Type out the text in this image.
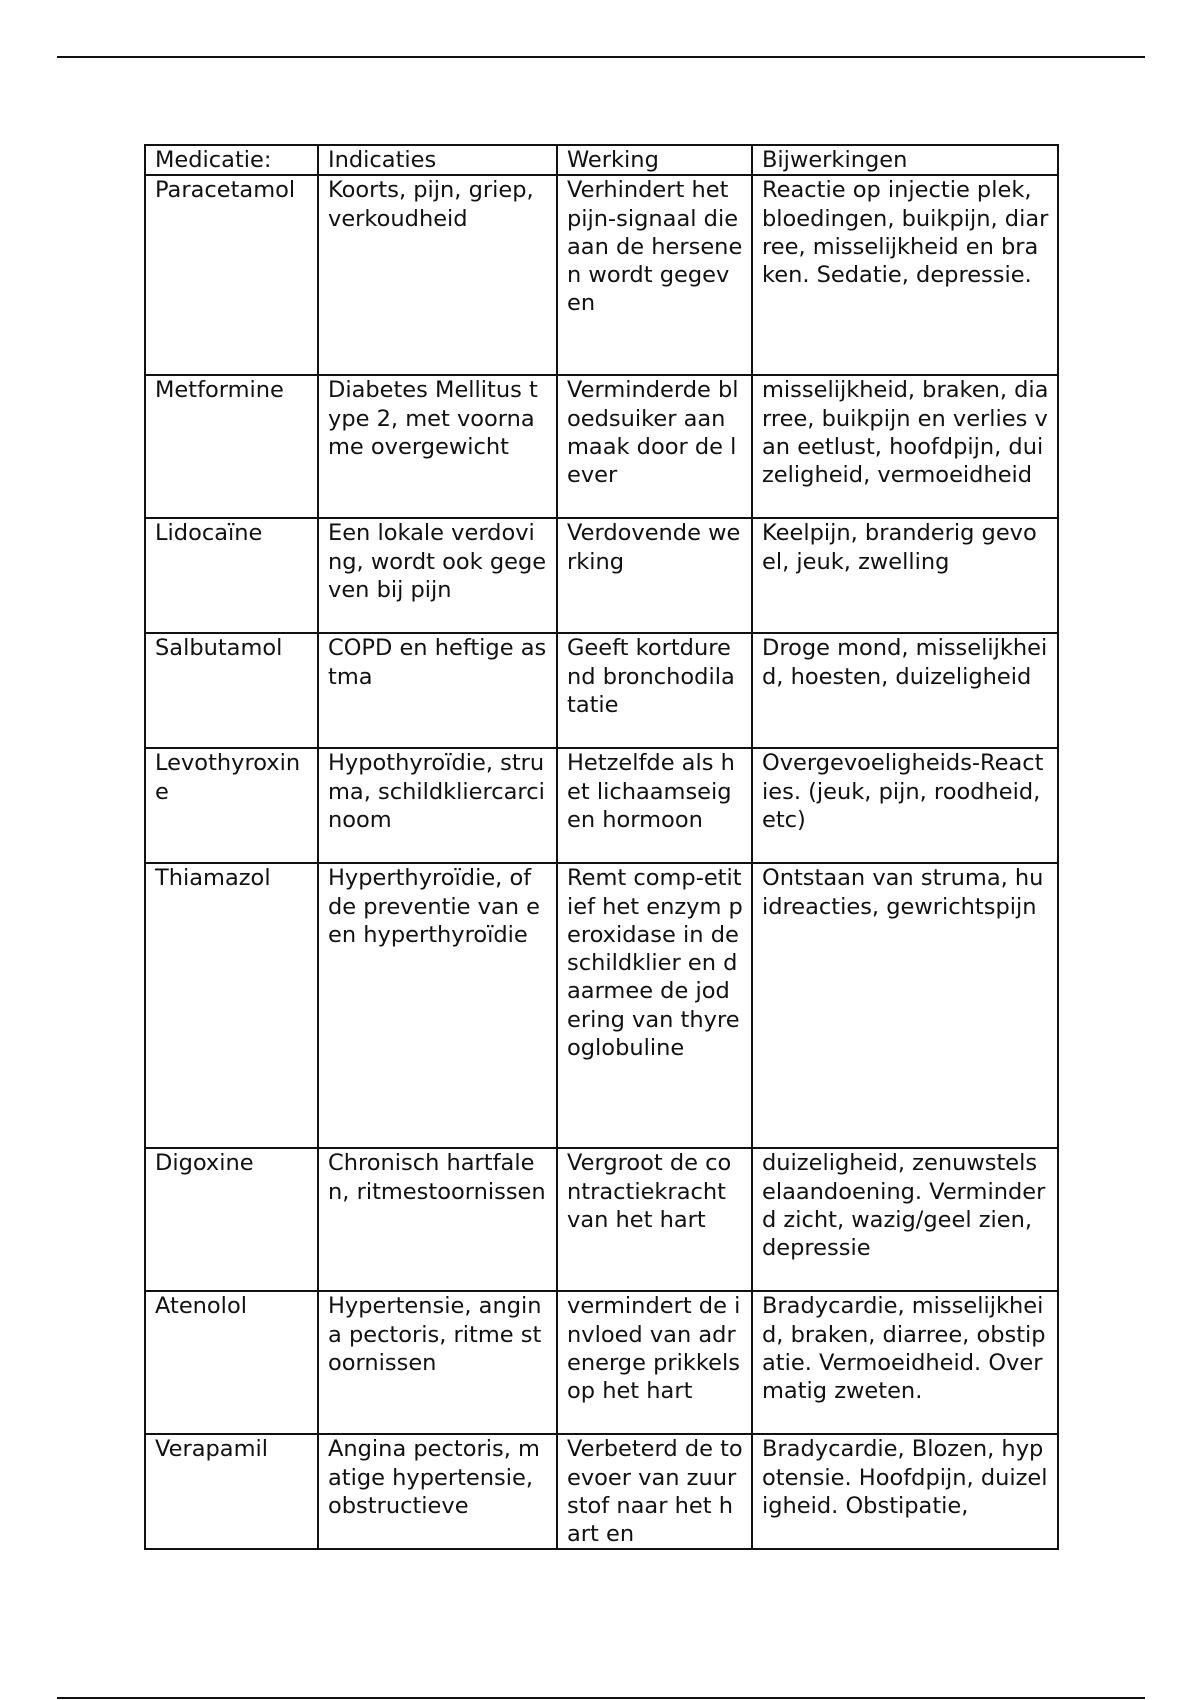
Medicatie:	Indicaties	Werking	Bijwerkingen
Paracetamol	Koorts, pijn, griep, verkoudheid	Verhindert het pijn-signaal die aan de hersenen wordt gegeven	Reactie op injectie plek, bloedingen, buikpijn, diarree, misselijkheid en braken. Sedatie, depressie.
Metformine	Diabetes Mellitus type 2, met voorname overgewicht	Verminderde bloedsuiker aanmaak door de lever	misselijkheid, braken, diarree, buikpijn en verlies van eetlust, hoofdpijn, duizeligheid, vermoeidheid
Lidocaïne	Een lokale verdoving, wordt ook gegeven bij pijn	Verdovende werking	Keelpijn, branderig gevoel, jeuk, zwelling
Salbutamol	COPD en heftige astma	Geeft kortdurend bronchodilatatie	Droge mond, misselijkheid, hoesten, duizeligheid
Levothyroxine	Hypothyroïdie, struma, schildkliercarcinoom	Hetzelfde als het lichaamseigen hormoon	Overgevoeligheids-Reacties. (jeuk, pijn, roodheid, etc)
Thiamazol	Hyperthyroïdie, of de preventie van een hyperthyroïdie	Remt comp-etitief het enzym peroxidase in de schildklier en daarmee de jodering van thyreoglobuline	Ontstaan van struma, huidreacties, gewrichtspijn
Digoxine	Chronisch hartfalen, ritmestoornissen	Vergroot de contractiekracht van het hart	duizeligheid, zenuwstelselaandoening. Verminderd zicht, wazig/geel zien, depressie
Atenolol	Hypertensie, angina pectoris, ritme stoornissen	vermindert de invloed van adrenerge prikkels op het hart	Bradycardie, misselijkheid, braken, diarree, obstipatie. Vermoeidheid. Overmatig zweten.
Verapamil	Angina pectoris, matige hypertensie, obstructieve	Verbeterd de toevoer van zuurstof naar het hart en	Bradycardie, Blozen, hypotensie. Hoofdpijn, duizeligheid. Obstipatie,
